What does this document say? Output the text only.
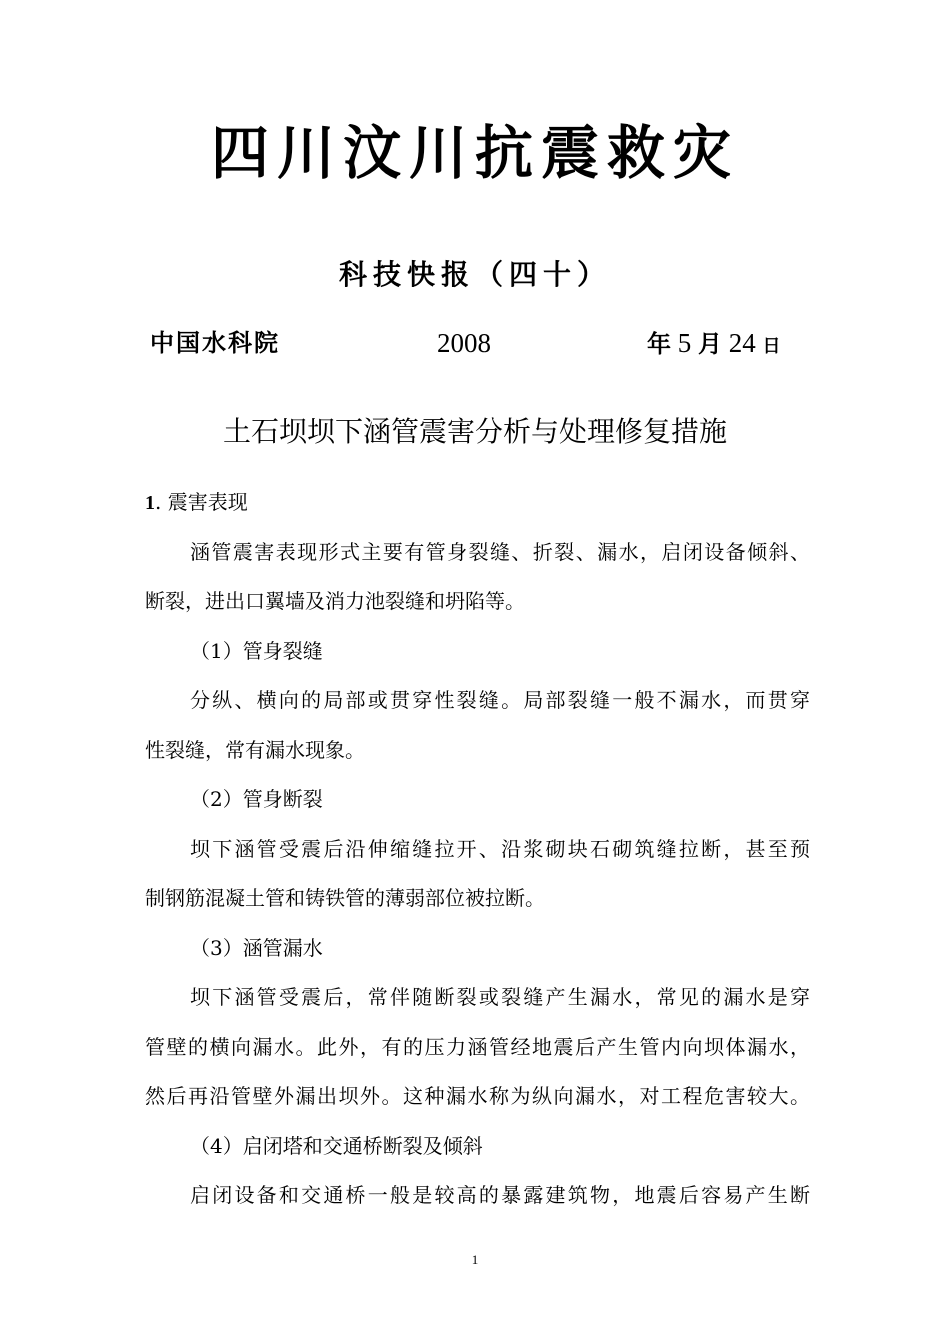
四川汶川抗震救灾
科技快报（四十）
中国水科院	2008	年 5 月 24 日
土石坝坝下涵管震害分析与处理修复措施
1. 震害表现
涵管震害表现形式主要有管身裂缝、折裂、漏水，启闭设备倾斜、
断裂，进出口翼墙及消力池裂缝和坍陷等。
（1）管身裂缝
分纵、横向的局部或贯穿性裂缝。局部裂缝一般不漏水，而贯穿
性裂缝，常有漏水现象。
（2）管身断裂
坝下涵管受震后沿伸缩缝拉开、沿浆砌块石砌筑缝拉断，甚至预
制钢筋混凝土管和铸铁管的薄弱部位被拉断。
（3）涵管漏水
坝下涵管受震后，常伴随断裂或裂缝产生漏水，常见的漏水是穿
管壁的横向漏水。此外，有的压力涵管经地震后产生管内向坝体漏水，
然后再沿管壁外漏出坝外。这种漏水称为纵向漏水，对工程危害较大。
（4）启闭塔和交通桥断裂及倾斜
启闭设备和交通桥一般是较高的暴露建筑物，地震后容易产生断
1
